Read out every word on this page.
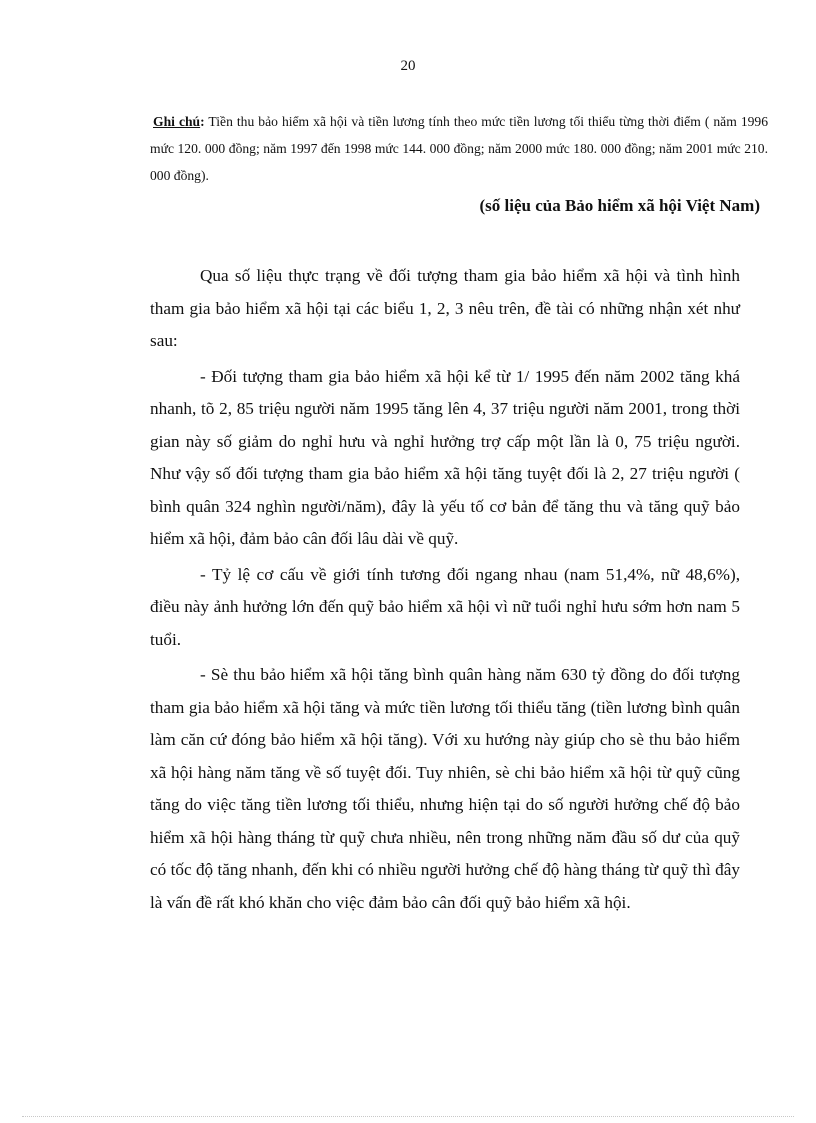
20
Ghi chú: Tiền thu bảo hiểm xã hội và tiền lương tính theo mức tiền lương tối thiểu từng thời điểm ( năm 1996 mức 120. 000 đồng; năm 1997 đến 1998 mức 144. 000 đồng; năm 2000 mức 180. 000 đồng; năm 2001 mức 210. 000 đồng).
(số liệu của Bảo hiểm xã hội Việt Nam)

Qua số liệu thực trạng về đối tượng tham gia bảo hiểm xã hội và tình hình tham gia bảo hiểm xã hội tại các biểu 1, 2, 3 nêu trên, đề tài có những nhận xét như sau:

- Đối tượng tham gia bảo hiểm xã hội kể từ 1/ 1995 đến năm 2002 tăng khá nhanh, tõ 2, 85 triệu người năm 1995 tăng lên 4, 37 triệu người năm 2001, trong thời gian này số giảm do nghỉ hưu và nghỉ hưởng trợ cấp một lần là 0, 75 triệu người. Như vậy số đối tượng tham gia bảo hiểm xã hội tăng tuyệt đối là 2, 27 triệu người ( bình quân 324 nghìn người/năm), đây là yếu tố cơ bản để tăng thu và tăng quỹ bảo hiểm xã hội, đảm bảo cân đối lâu dài về quỹ.

- Tỷ lệ cơ cấu về giới tính tương đối ngang nhau (nam 51,4%, nữ 48,6%), điều này ảnh hưởng lớn đến quỹ bảo hiểm xã hội vì nữ tuổi nghỉ hưu sớm hơn nam 5 tuổi.

- Sè thu bảo hiểm xã hội tăng bình quân hàng năm 630 tỷ đồng do đối tượng tham gia bảo hiểm xã hội tăng và mức tiền lương tối thiểu tăng (tiền lương bình quân làm căn cứ đóng bảo hiểm xã hội tăng). Với xu hướng này giúp cho sè thu bảo hiểm xã hội hàng năm tăng về số tuyệt đối. Tuy nhiên, sè chi bảo hiểm xã hội từ quỹ cũng tăng do việc tăng tiền lương tối thiểu, nhưng hiện tại do số người hưởng chế độ bảo hiểm xã hội hàng tháng từ quỹ chưa nhiều, nên trong những năm đầu số dư của quỹ có tốc độ tăng nhanh, đến khi có nhiều người hưởng chế độ hàng tháng từ quỹ thì đây là vấn đề rất khó khăn cho việc đảm bảo cân đối quỹ bảo hiểm xã hội.
